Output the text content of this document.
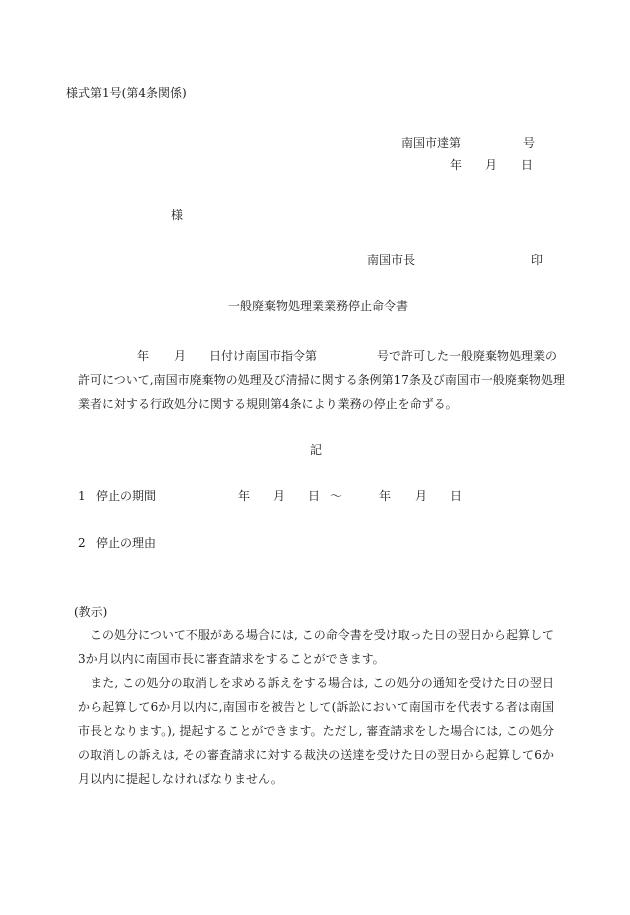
様式第1号(第4条関係)
南国市達第	号
年 月 日
様
南国市長	印
一般廃棄物処理業業務停止命令書
年 月 日付け南国市指令第	号で許可した一般廃棄物処理業の
許可について,南国市廃棄物の処理及び清掃に関する条例第17条及び南国市一般廃棄物処理
業者に対する行政処分に関する規則第4条により業務の停止を命ずる。
記
1 停止の期間	年 月 日 〜	年 月 日
2 停止の理由
(教示)
この処分について不服がある場合には, この命令書を受け取った日の翌日から起算して3か月以内に南国市長に審査請求をすることができます。
また, この処分の取消しを求める訴えをする場合は, この処分の通知を受けた日の翌日から起算して6か月以内に,南国市を被告として(訴訟において南国市を代表する者は南国市長となります。), 提起することができます。ただし, 審査請求をした場合には, この処分の取消しの訴えは, その審査請求に対する裁決の送達を受けた日の翌日から起算して6か月以内に提起しなければなりません。
